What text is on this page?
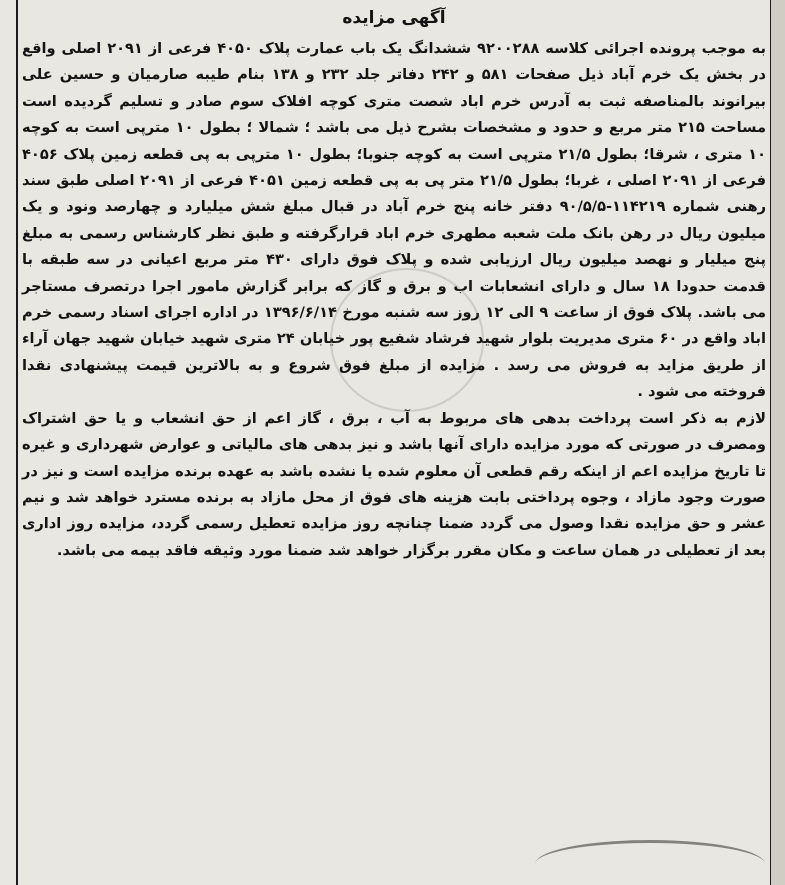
آگهی مزایده

به موجب پرونده اجرائی کلاسه ۹۲۰۰۲۸۸ ششدانگ یک باب عمارت پلاک ۴۰۵۰ فرعی از ۲۰۹۱ اصلی واقع در بخش یک خرم آباد ذیل صفحات ۵۸۱ و ۲۴۲ دفاتر جلد ۲۳۲ و ۱۳۸ بنام طیبه صارمیان و حسین علی بیرانوند بالمناصفه ثبت به آدرس خرم اباد شصت متری کوچه افلاک سوم صادر و تسلیم گردیده است مساحت ۲۱۵ متر مربع و حدود و مشخصات بشرح ذیل می باشد ؛ شمالا ؛ بطول ۱۰ مترپی است به کوچه ۱۰ متری ، شرقا؛ بطول ۲۱/۵ مترپی است به کوچه جنوبا؛ بطول ۱۰ مترپی به پی قطعه زمین پلاک ۴۰۵۶ فرعی از ۲۰۹۱ اصلی ، غربا؛ بطول ۲۱/۵ متر پی به پی قطعه زمین ۴۰۵۱ فرعی از ۲۰۹۱ اصلی طبق سند رهنی شماره ۱۱۴۲۱۹-۹۰/۵/۵ دفتر خانه پنج خرم آباد در قبال مبلغ شش میلیارد و چهارصد ونود و یک میلیون ریال در رهن بانک ملت شعبه مطهری خرم اباد قرارگرفته و طبق نظر کارشناس رسمی به مبلغ پنج میلیار و نهصد میلیون ریال ارزیابی شده و پلاک فوق دارای ۴۳۰ متر مربع اعیانی در سه طبقه با قدمت حدودا ۱۸ سال و دارای انشعابات اب و برق و گاز که برابر گزارش مامور اجرا درتصرف مستاجر می باشد. پلاک فوق از ساعت ۹ الی ۱۲ روز سه شنبه مورخ ۱۳۹۶/۶/۱۴ در اداره اجرای اسناد رسمی خرم اباد واقع در ۶۰ متری مدیریت بلوار شهید فرشاد شفیع پور خیابان ۲۴ متری شهید خیابان شهید جهان آراء از طریق مزاید به فروش می رسد . مزایده از مبلغ فوق شروع و به بالاترین قیمت پیشنهادی نقدا فروخته می شود .

لازم به ذکر است پرداخت بدهی های مربوط به آب ، برق ، گاز اعم از حق انشعاب و یا حق اشتراک ومصرف در صورتی که مورد مزایده دارای آنها باشد و نیز بدهی های مالیاتی و عوارض شهرداری و غیره تا تاریخ مزایده اعم از اینکه رقم قطعی آن معلوم شده یا نشده باشد به عهده برنده مزایده است و نیز در صورت وجود مازاد ، وجوه پرداختی بابت هزینه های فوق از محل مازاد به برنده مسترد خواهد شد و نیم عشر و حق مزایده نقدا وصول می گردد ضمنا چنانچه روز مزایده تعطیل رسمی گردد، مزایده روز اداری بعد از تعطیلی در همان ساعت و مکان مقرر برگزار خواهد شد ضمنا مورد وثیقه فاقد بیمه می باشد.
